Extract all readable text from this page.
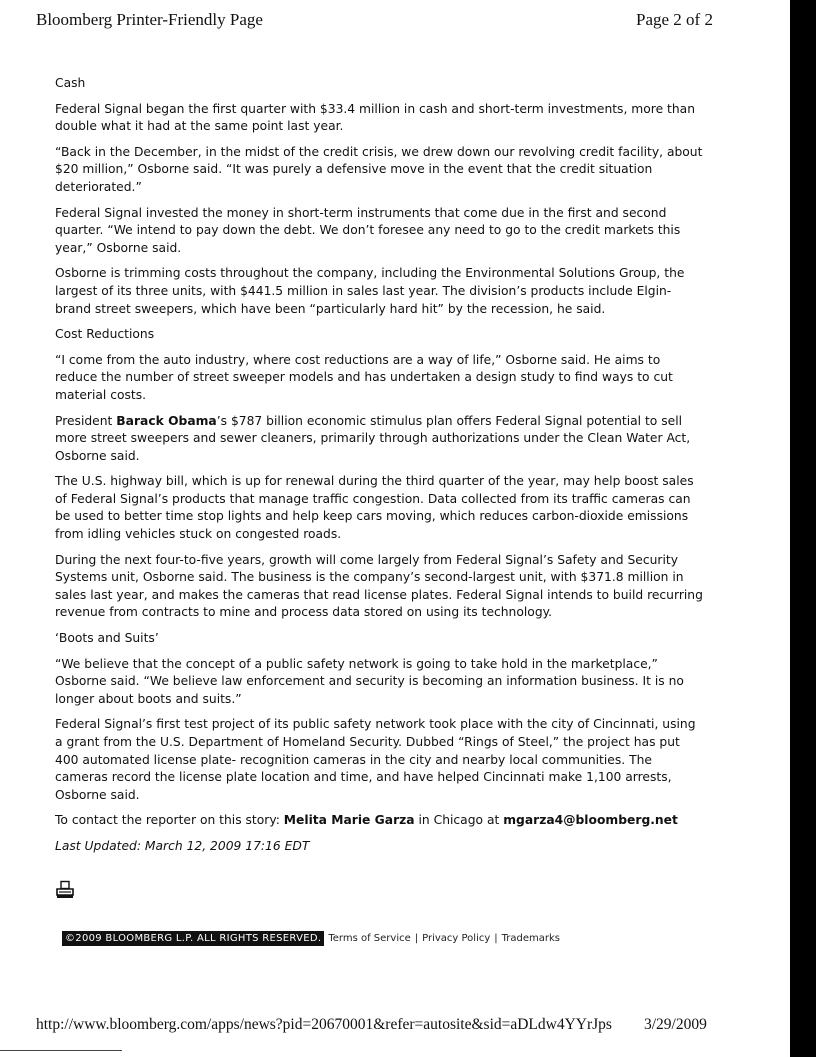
Bloomberg Printer-Friendly Page	Page 2 of 2

Cash

Federal Signal began the first quarter with $33.4 million in cash and short-term investments, more than double what it had at the same point last year.

“Back in the December, in the midst of the credit crisis, we drew down our revolving credit facility, about $20 million,” Osborne said. “It was purely a defensive move in the event that the credit situation deteriorated.”

Federal Signal invested the money in short-term instruments that come due in the first and second quarter. “We intend to pay down the debt. We don’t foresee any need to go to the credit markets this year,” Osborne said.

Osborne is trimming costs throughout the company, including the Environmental Solutions Group, the largest of its three units, with $441.5 million in sales last year. The division’s products include Elgin-brand street sweepers, which have been “particularly hard hit” by the recession, he said.

Cost Reductions

“I come from the auto industry, where cost reductions are a way of life,” Osborne said. He aims to reduce the number of street sweeper models and has undertaken a design study to find ways to cut material costs.

President Barack Obama’s $787 billion economic stimulus plan offers Federal Signal potential to sell more street sweepers and sewer cleaners, primarily through authorizations under the Clean Water Act, Osborne said.

The U.S. highway bill, which is up for renewal during the third quarter of the year, may help boost sales of Federal Signal’s products that manage traffic congestion. Data collected from its traffic cameras can be used to better time stop lights and help keep cars moving, which reduces carbon-dioxide emissions from idling vehicles stuck on congested roads.

During the next four-to-five years, growth will come largely from Federal Signal’s Safety and Security Systems unit, Osborne said. The business is the company’s second-largest unit, with $371.8 million in sales last year, and makes the cameras that read license plates. Federal Signal intends to build recurring revenue from contracts to mine and process data stored on using its technology.

‘Boots and Suits’

“We believe that the concept of a public safety network is going to take hold in the marketplace,” Osborne said. “We believe law enforcement and security is becoming an information business. It is no longer about boots and suits.”

Federal Signal’s first test project of its public safety network took place with the city of Cincinnati, using a grant from the U.S. Department of Homeland Security. Dubbed “Rings of Steel,” the project has put 400 automated license plate- recognition cameras in the city and nearby local communities. The cameras record the license plate location and time, and have helped Cincinnati make 1,100 arrests, Osborne said.

To contact the reporter on this story: Melita Marie Garza in Chicago at mgarza4@bloomberg.net

Last Updated: March 12, 2009 17:16 EDT

©2009 BLOOMBERG L.P. ALL RIGHTS RESERVED. Terms of Service | Privacy Policy | Trademarks
http://www.bloomberg.com/apps/news?pid=20670001&refer=autosite&sid=aDLdw4YYrJps 3/29/2009
